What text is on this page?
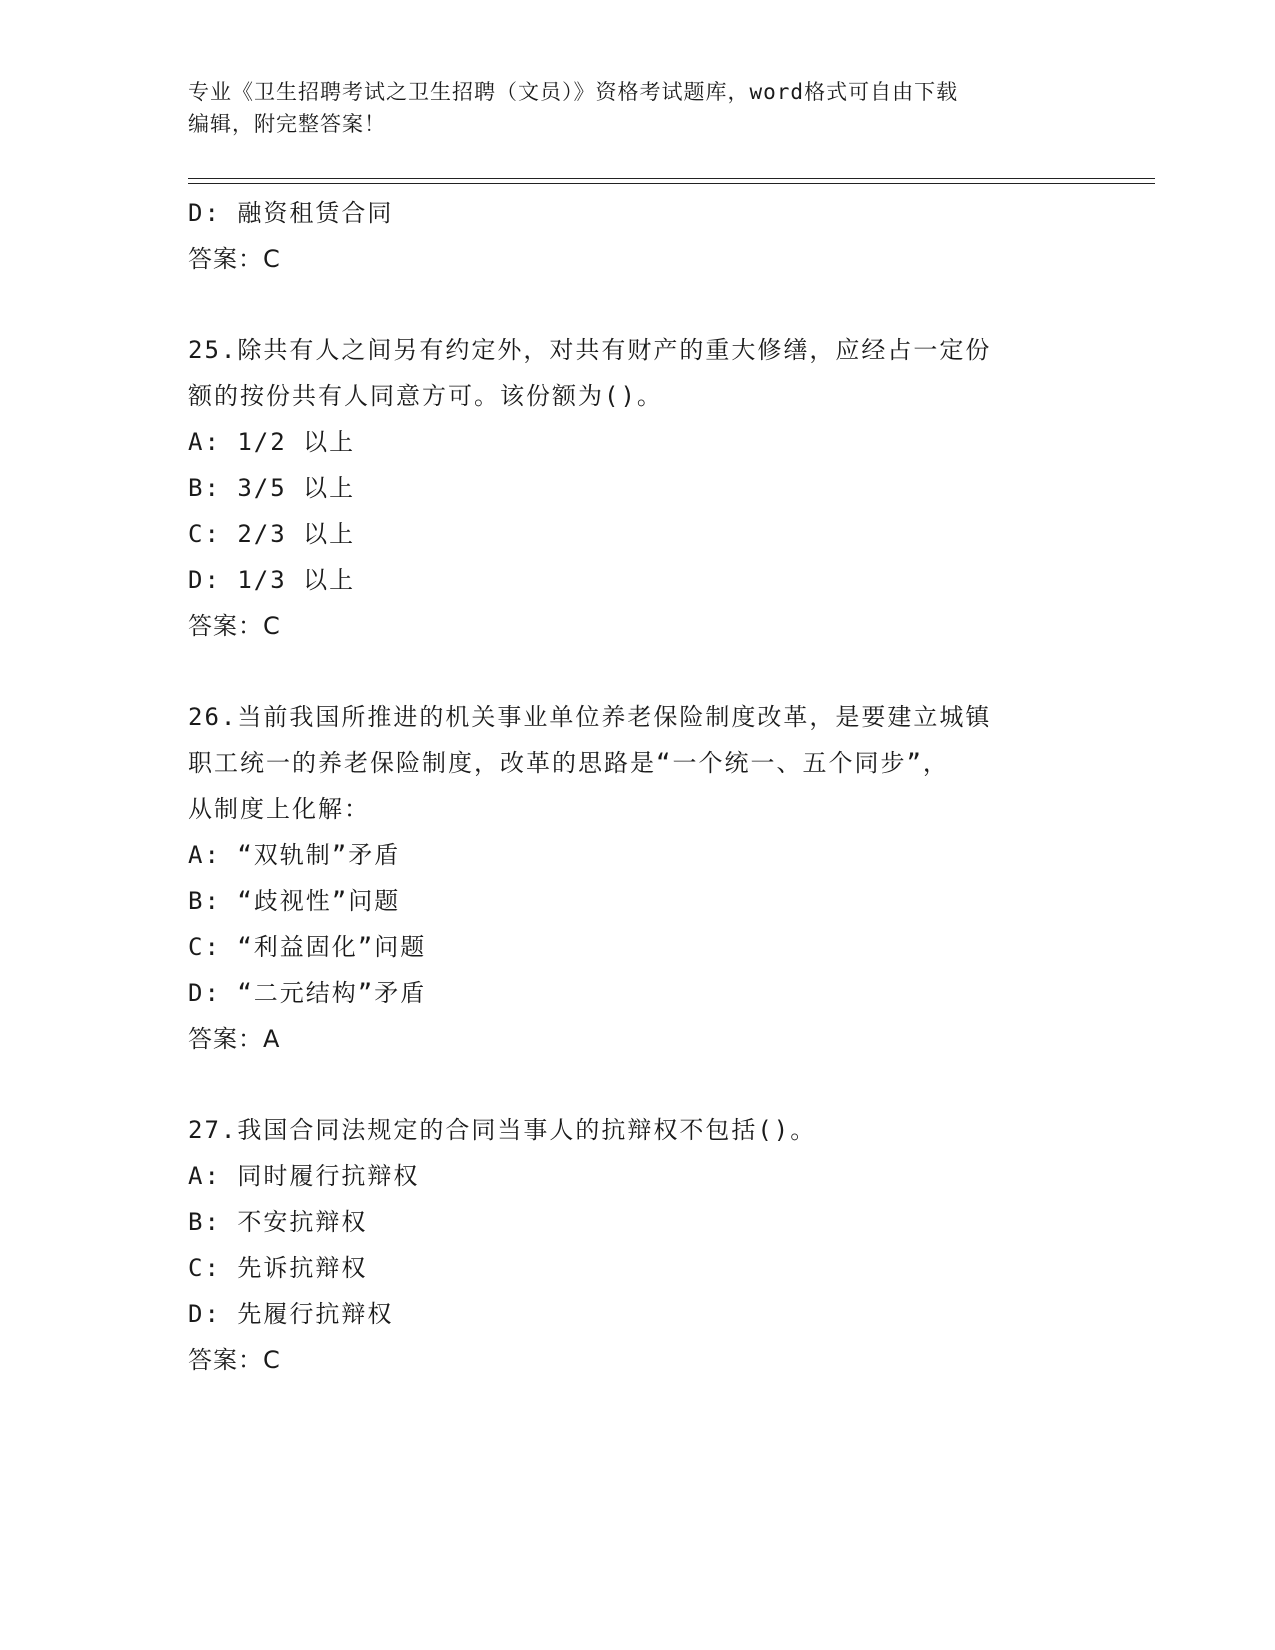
专业《卫生招聘考试之卫生招聘（文员）》资格考试题库，word格式可自由下载
编辑，附完整答案！
D: 融资租赁合同
答案：C
25.除共有人之间另有约定外，对共有财产的重大修缮，应经占一定份
额的按份共有人同意方可。该份额为()。
A: 1/2 以上
B: 3/5 以上
C: 2/3 以上
D: 1/3 以上
答案：C
26.当前我国所推进的机关事业单位养老保险制度改革，是要建立城镇
职工统一的养老保险制度，改革的思路是“一个统一、五个同步”，
从制度上化解：
A: “双轨制”矛盾
B: “歧视性”问题
C: “利益固化”问题
D: “二元结构”矛盾
答案：A
27.我国合同法规定的合同当事人的抗辩权不包括()。
A: 同时履行抗辩权
B: 不安抗辩权
C: 先诉抗辩权
D: 先履行抗辩权
答案：C
